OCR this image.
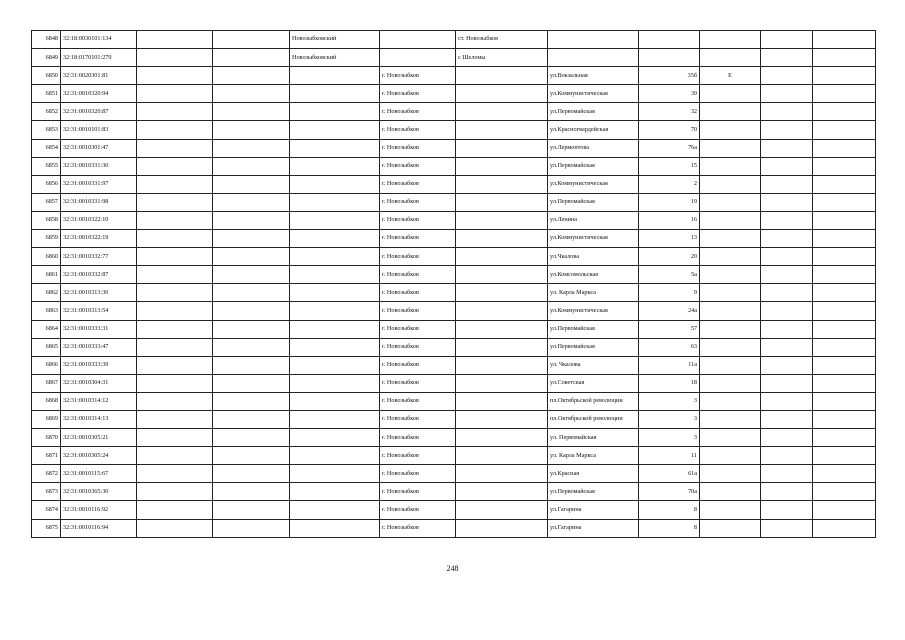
6848	32:18:0030101:134			Новозыбковский		ст. Новозыбков					
6849	32:18:0170101:279			Новозыбковский		с Шеломы					
6850	32:31:0020301:81				г. Новозыбков		ул.Вокзальная	35б	Е		
6851	32:31:0010320:94				г. Новозыбков		ул.Коммунистическая	39			
6852	32:31:0010320:87				г. Новозыбков		ул.Первомайская	32			
6853	32:31:0010101:83				г. Новозыбков		ул.Красногвардейская	70			
6854	32:31:0010301:47				г. Новозыбков		ул.Лермонтова	76а			
6855	32:31:0010331:30				г. Новозыбков		ул.Первомайская	15			
6856	32:31:0010331:97				г. Новозыбков		ул.Коммунистическая	2			
6857	32:31:0010331:98				г. Новозыбков		ул.Первомайская	19			
6858	32:31:0010322:10				г. Новозыбков		ул.Ленина	16			
6859	32:31:0010322:19				г. Новозыбков		ул.Коммунистическая	13			
6860	32:31:0010332:77				г. Новозыбков		ул.Чкалова	20			
6861	32:31:0010332:87				г. Новозыбков		ул.Комсомольская	5а			
6862	32:31:0010313:30				г. Новозыбков		ул. Карла Маркса	9			
6863	32:31:0010313:54				г. Новозыбков		ул.Коммунистическая	24а			
6864	32:31:0010333:31				г. Новозыбков		ул.Первомайская	57			
6865	32:31:0010333:47				г. Новозыбков		ул.Первомайская	63			
6866	32:31:0010333:39				г. Новозыбков		ул. Чкалова	11а			
6867	32:31:0010304:31				г. Новозыбков		ул.Советская	18			
6868	32:31:0010314:12				г. Новозыбков		пл.Октябрьской революции	3			
6869	32:31:0010314:13				г. Новозыбков		пл.Октябрьской революции	3			
6870	32:31:0010305:21				г. Новозыбков		ул. Первомайская	3			
6871	32:31:0010305:24				г. Новозыбков		ул. Карла Маркса	11			
6872	32:31:0010115:67				г. Новозыбков		ул.Красная	61а			
6873	32:31:0010365:30				г. Новозыбков		ул.Первомайская	70а			
6874	32:31:0010116:92				г. Новозыбков		ул.Гагарина	8			
6875	32:31:0010116:94				г. Новозыбков		ул.Гагарина	8			
248
